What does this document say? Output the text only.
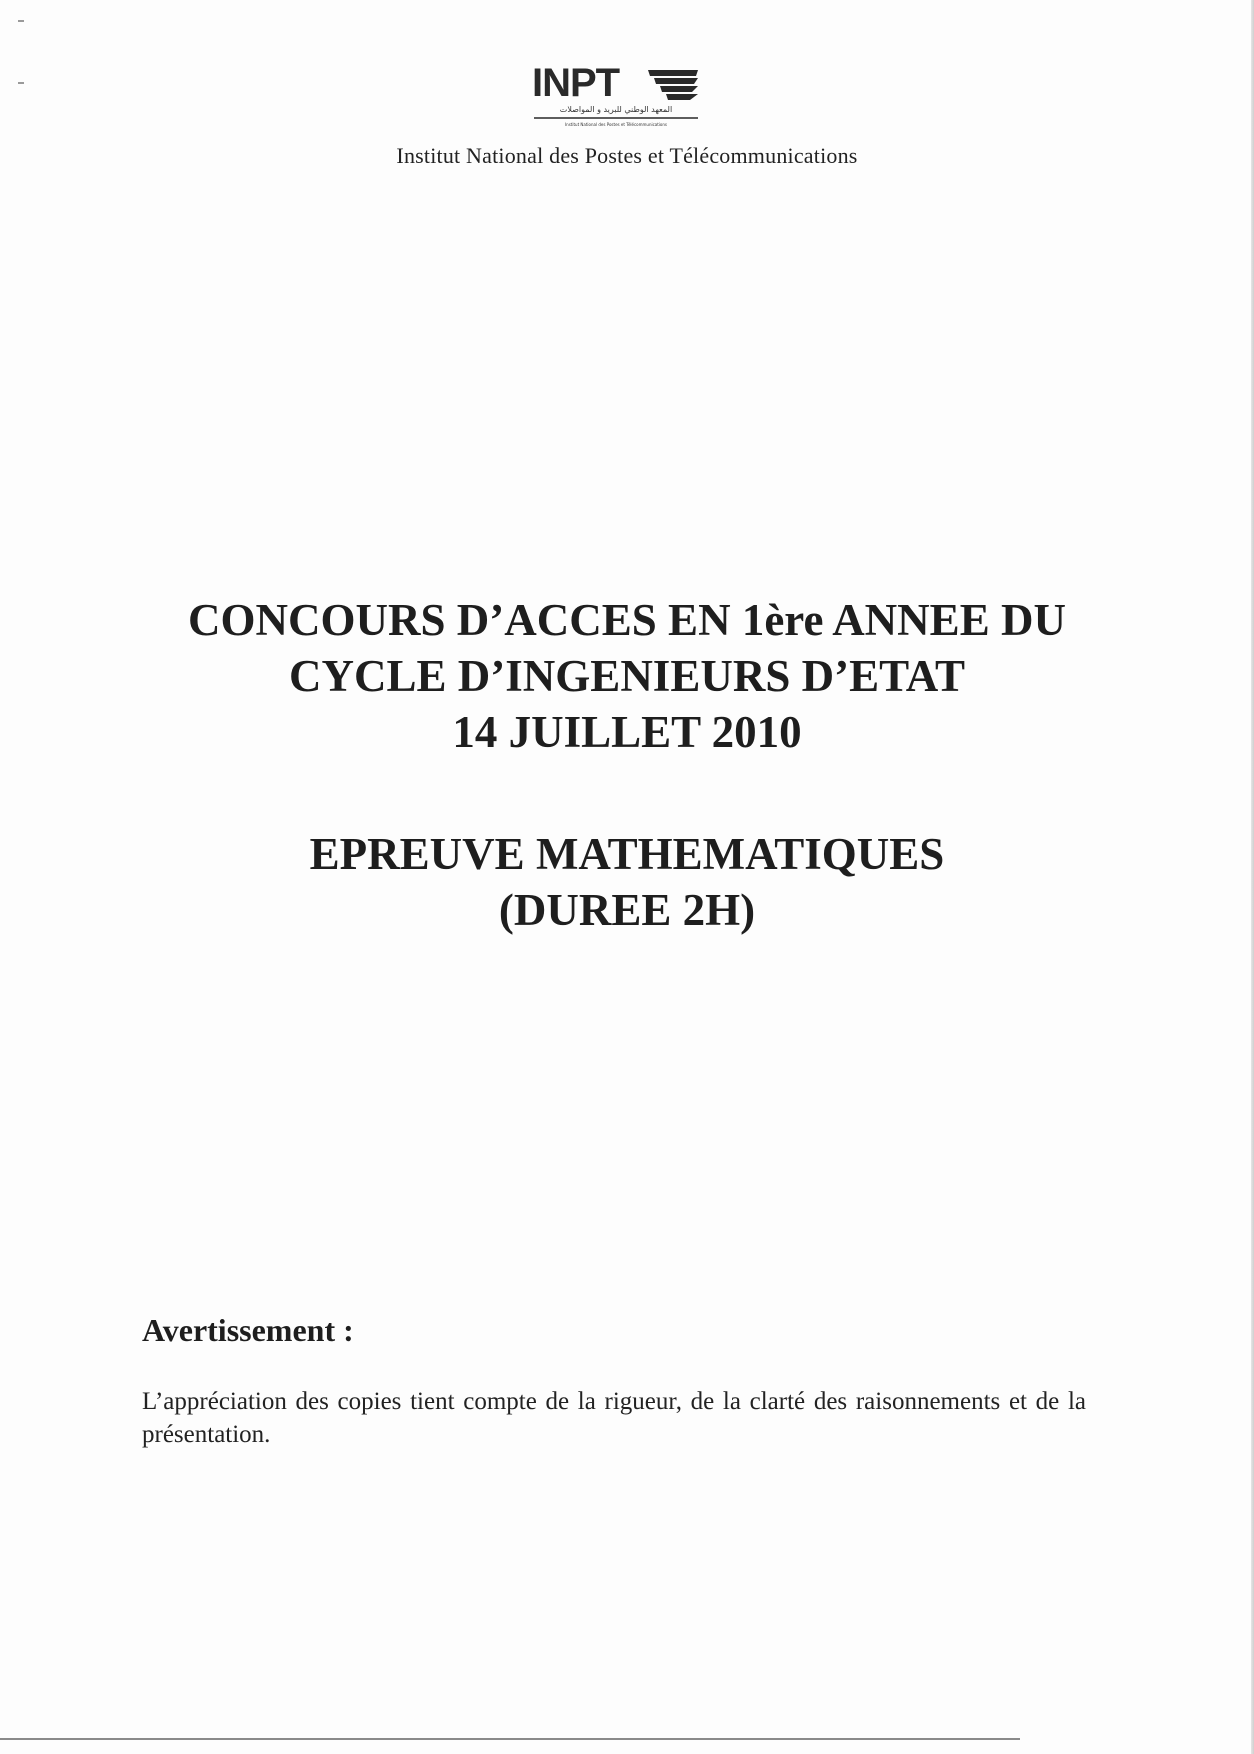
INPT
المعهد الوطني للبريد و المواصلات
Institut National des Postes et Télécommunications
Institut National des Postes et Télécommunications
CONCOURS D’ACCES EN 1ère ANNEE DU
CYCLE D’INGENIEURS D’ETAT
14 JUILLET 2010
EPREUVE MATHEMATIQUES
(DUREE 2H)
Avertissement :
L’appréciation des copies tient compte de la rigueur, de la clarté des raisonnements et de la présentation.
